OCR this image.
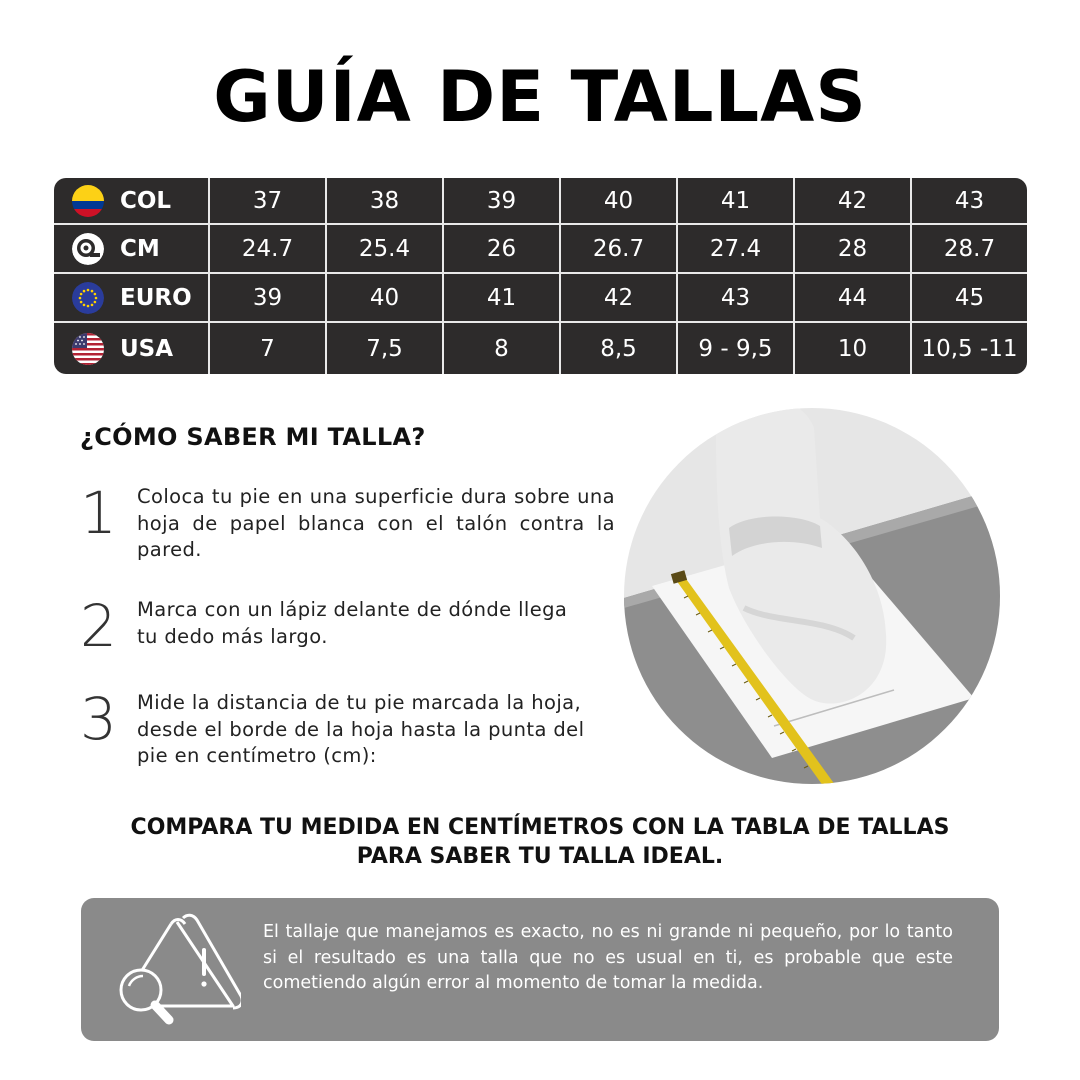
GUÍA DE TALLAS
COL	37	38	39	40	41	42	43
CM	24.7	25.4	26	26.7	27.4	28	28.7
EURO	39	40	41	42	43	44	45
USA	7	7,5	8	8,5	9 - 9,5	10	10,5 -11
¿CÓMO SABER MI TALLA?
1 Coloca tu pie en una superficie dura sobre una hoja de papel blanca con el talón contra la pared.
2 Marca con un lápiz delante de dónde llega tu dedo más largo.
3 Mide la distancia de tu pie marcada la hoja, desde el borde de la hoja hasta la punta del pie en centímetro (cm):
COMPARA TU MEDIDA EN CENTÍMETROS CON LA TABLA DE TALLAS
PARA SABER TU TALLA IDEAL.
El tallaje que manejamos es exacto, no es ni grande ni pequeño, por lo tanto si el resultado es una talla que no es usual en ti, es probable que este cometiendo algún error al momento de tomar la medida.
